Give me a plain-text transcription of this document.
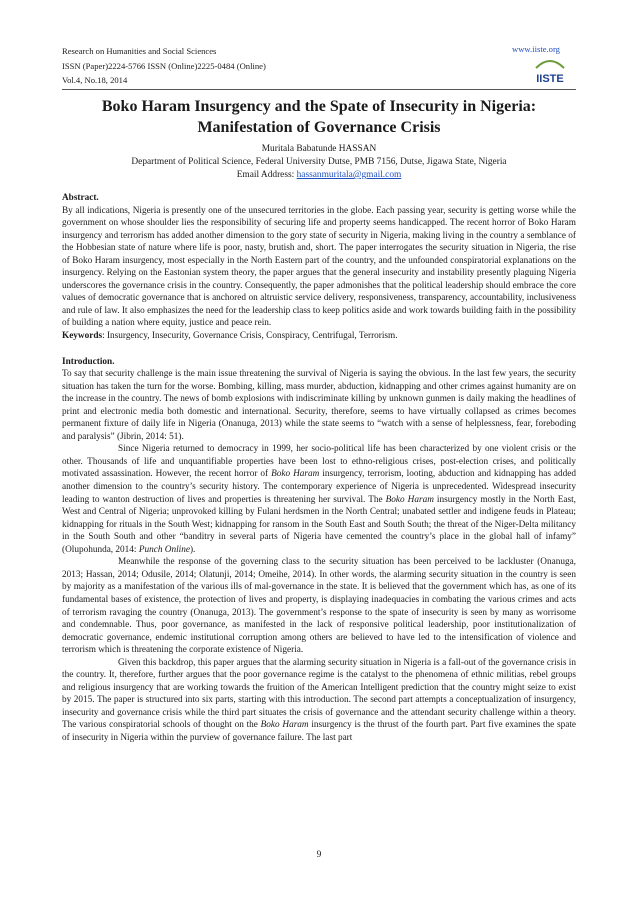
Research on Humanities and Social Sciences
ISSN (Paper)2224-5766 ISSN (Online)2225-0484 (Online)
Vol.4, No.18, 2014
www.iiste.org
IISTE
Boko Haram Insurgency and the Spate of Insecurity in Nigeria:
Manifestation of Governance Crisis
Muritala Babatunde HASSAN
Department of Political Science, Federal University Dutse, PMB 7156, Dutse, Jigawa State, Nigeria
Email Address: hassanmuritala@gmail.com

Abstract.

By all indications, Nigeria is presently one of the unsecured territories in the globe. Each passing year, security is getting worse while the government on whose shoulder lies the responsibility of securing life and property seems handicapped. The recent horror of Boko Haram insurgency and terrorism has added another dimension to the gory state of security in Nigeria, making living in the country a semblance of the Hobbesian state of nature where life is poor, nasty, brutish and, short. The paper interrogates the security situation in Nigeria, the rise of Boko Haram insurgency, most especially in the North Eastern part of the country, and the unfounded conspiratorial explanations on the insurgency. Relying on the Eastonian system theory, the paper argues that the general insecurity and instability presently plaguing Nigeria underscores the governance crisis in the country. Consequently, the paper admonishes that the political leadership should embrace the core values of democratic governance that is anchored on altruistic service delivery, responsiveness, transparency, accountability, inclusiveness and rule of law. It also emphasizes the need for the leadership class to keep politics aside and work towards building faith in the possibility of building a nation where equity, justice and peace rein.

Keywords: Insurgency, Insecurity, Governance Crisis, Conspiracy, Centrifugal, Terrorism.

Introduction.

To say that security challenge is the main issue threatening the survival of Nigeria is saying the obvious. In the last few years, the security situation has taken the turn for the worse. Bombing, killing, mass murder, abduction, kidnapping and other crimes against humanity are on the increase in the country. The news of bomb explosions with indiscriminate killing by unknown gunmen is daily making the headlines of print and electronic media both domestic and international. Security, therefore, seems to have virtually collapsed as crimes becomes permanent fixture of daily life in Nigeria (Onanuga, 2013) while the state seems to “watch with a sense of helplessness, fear, foreboding and paralysis” (Jibrin, 2014: 51).

Since Nigeria returned to democracy in 1999, her socio-political life has been characterized by one violent crisis or the other. Thousands of life and unquantifiable properties have been lost to ethno-religious crises, post-election crises, and politically motivated assassination. However, the recent horror of Boko Haram insurgency, terrorism, looting, abduction and kidnapping has added another dimension to the country’s security history. The contemporary experience of Nigeria is unprecedented. Widespread insecurity leading to wanton destruction of lives and properties is threatening her survival. The Boko Haram insurgency mostly in the North East, West and Central of Nigeria; unprovoked killing by Fulani herdsmen in the North Central; unabated settler and indigene feuds in Plateau; kidnapping for rituals in the South West; kidnapping for ransom in the South East and South South; the threat of the Niger-Delta militancy in the South South and other “banditry in several parts of Nigeria have cemented the country’s place in the global hall of infamy” (Olupohunda, 2014: Punch Online).

Meanwhile the response of the governing class to the security situation has been perceived to be lackluster (Onanuga, 2013; Hassan, 2014; Odusile, 2014; Olatunji, 2014; Omeihe, 2014). In other words, the alarming security situation in the country is seen by majority as a manifestation of the various ills of mal-governance in the state. It is believed that the government which has, as one of its fundamental bases of existence, the protection of lives and property, is displaying inadequacies in combating the various crimes and acts of terrorism ravaging the country (Onanuga, 2013). The government’s response to the spate of insecurity is seen by many as worrisome and condemnable. Thus, poor governance, as manifested in the lack of responsive political leadership, poor institutionalization of democratic governance, endemic institutional corruption among others are believed to have led to the intensification of violence and terrorism which is threatening the corporate existence of Nigeria.

Given this backdrop, this paper argues that the alarming security situation in Nigeria is a fall-out of the governance crisis in the country. It, therefore, further argues that the poor governance regime is the catalyst to the phenomena of ethnic militias, rebel groups and religious insurgency that are working towards the fruition of the American Intelligent prediction that the country might seize to exist by 2015. The paper is structured into six parts, starting with this introduction. The second part attempts a conceptualization of insurgency, insecurity and governance crisis while the third part situates the crisis of governance and the attendant security challenge within a theory. The various conspiratorial schools of thought on the Boko Haram insurgency is the thrust of the fourth part. Part five examines the spate of insecurity in Nigeria within the purview of governance failure. The last part

9
